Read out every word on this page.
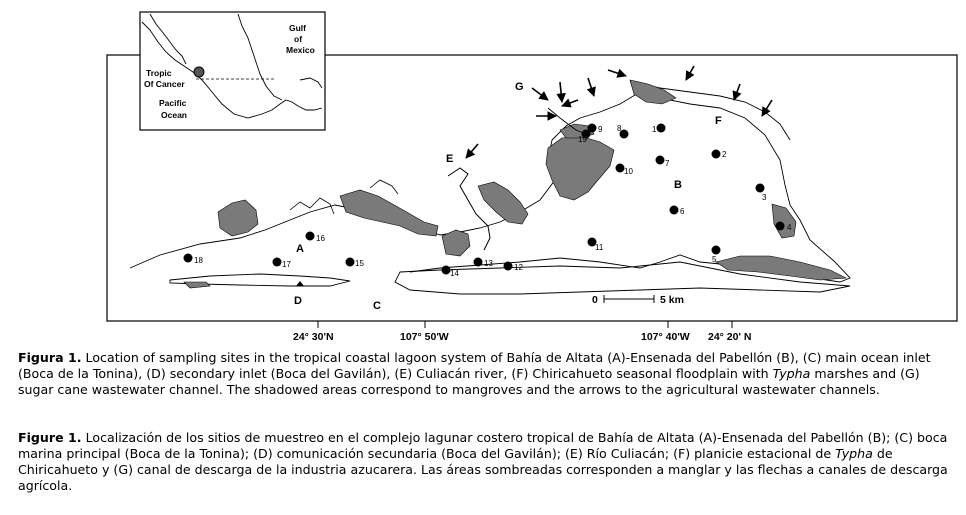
Gulf
of
Mexico
Tropic
Of Cancer
Pacific
Ocean
1
2
3
4
5
6
7
8
9
10
11
12
13
14
15
16
17
18
19
A
B
C
D
E
F
G
0	5 km
24° 30'N	107° 50'W	107° 40'W 24° 20' N
Figura 1. Location of sampling sites in the tropical coastal lagoon system of Bahía de Altata (A)-Ensenada del Pabellón (B), (C) main ocean inlet (Boca de la Tonina), (D) secondary inlet (Boca del Gavilán), (E) Culiacán river, (F) Chiricahueto seasonal floodplain with Typha marshes and (G) sugar cane wastewater channel. The shadowed areas correspond to mangroves and the arrows to the agricultural wastewater channels.
Figure 1. Localización de los sitios de muestreo en el complejo lagunar costero tropical de Bahía de Altata (A)-Ensenada del Pabellón (B); (C) boca marina principal (Boca de la Tonina); (D) comunicación secundaria (Boca del Gavilán); (E) Río Culiacán; (F) planicie estacional de Typha de Chiricahueto y (G) canal de descarga de la industria azucarera. Las áreas sombreadas corresponden a manglar y las flechas a canales de descarga agrícola.
